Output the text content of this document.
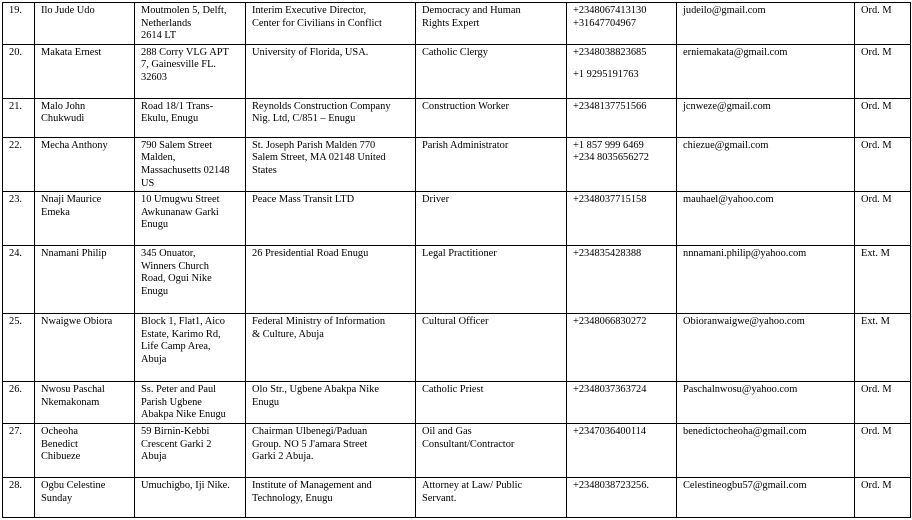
19.	Ilo Jude Udo	Moutmolen 5, Delft,
Netherlands
2614 LT	Interim Executive Director,
Center for Civilians in Conflict	Democracy and Human
Rights Expert	+2348067413130
+31647704967	judeilo@gmail.com	Ord. M

20.	Makata Ernest	288 Corry VLG APT
7, Gainesville FL.
32603	University of Florida, USA.	Catholic Clergy	+2348038823685
+1 9295191763	erniemakata@gmail.com	Ord. M

21.	Malo John
Chukwudi	Road 18/1 Trans-
Ekulu, Enugu	Reynolds Construction Company
Nig. Ltd, C/851 – Enugu	Construction Worker	+2348137751566	jcnweze@gmail.com	Ord. M

22.	Mecha Anthony	790 Salem Street
Malden,
Massachusetts 02148
US	St. Joseph Parish Malden 770
Salem Street, MA 02148 United
States	Parish Administrator	+1 857 999 6469
+234 8035656272	chiezue@gmail.com	Ord. M

23.	Nnaji Maurice
Emeka	10 Umugwu Street
Awkunanaw Garki
Enugu	Peace Mass Transit LTD	Driver	+2348037715158	mauhael@yahoo.com	Ord. M

24.	Nnamani Philip	345 Onuator,
Winners Church
Road, Ogui Nike
Enugu	26 Presidential Road Enugu	Legal Practitioner	+234835428388	nnnamani.philip@yahoo.com	Ext. M

25.	Nwaigwe Obiora	Block 1, Flat1, Aico
Estate, Karimo Rd,
Life Camp Area,
Abuja	Federal Ministry of Information
& Culture, Abuja	Cultural Officer	+2348066830272	Obioranwaigwe@yahoo.com	Ext. M

26.	Nwosu Paschal
Nkemakonam	Ss. Peter and Paul
Parish Ugbene
Abakpa Nike Enugu	Olo Str., Ugbene Abakpa Nike
Enugu	Catholic Priest	+2348037363724	Paschalnwosu@yahoo.com	Ord. M

27.	Ocheoha
Benedict
Chibueze	59 Birnin-Kebbi
Crescent Garki 2
Abuja	Chairman Ulbenegi/Paduan
Group. NO 5 J'amara Street
Garki 2 Abuja.	Oil and Gas
Consultant/Contractor	+2347036400114	benedictocheoha@gmail.com	Ord. M

28.	Ogbu Celestine
Sunday	Umuchigbo, Iji Nike.	Institute of Management and
Technology, Enugu	Attorney at Law/ Public
Servant.	+2348038723256.	Celestineogbu57@gmail.com	Ord. M
